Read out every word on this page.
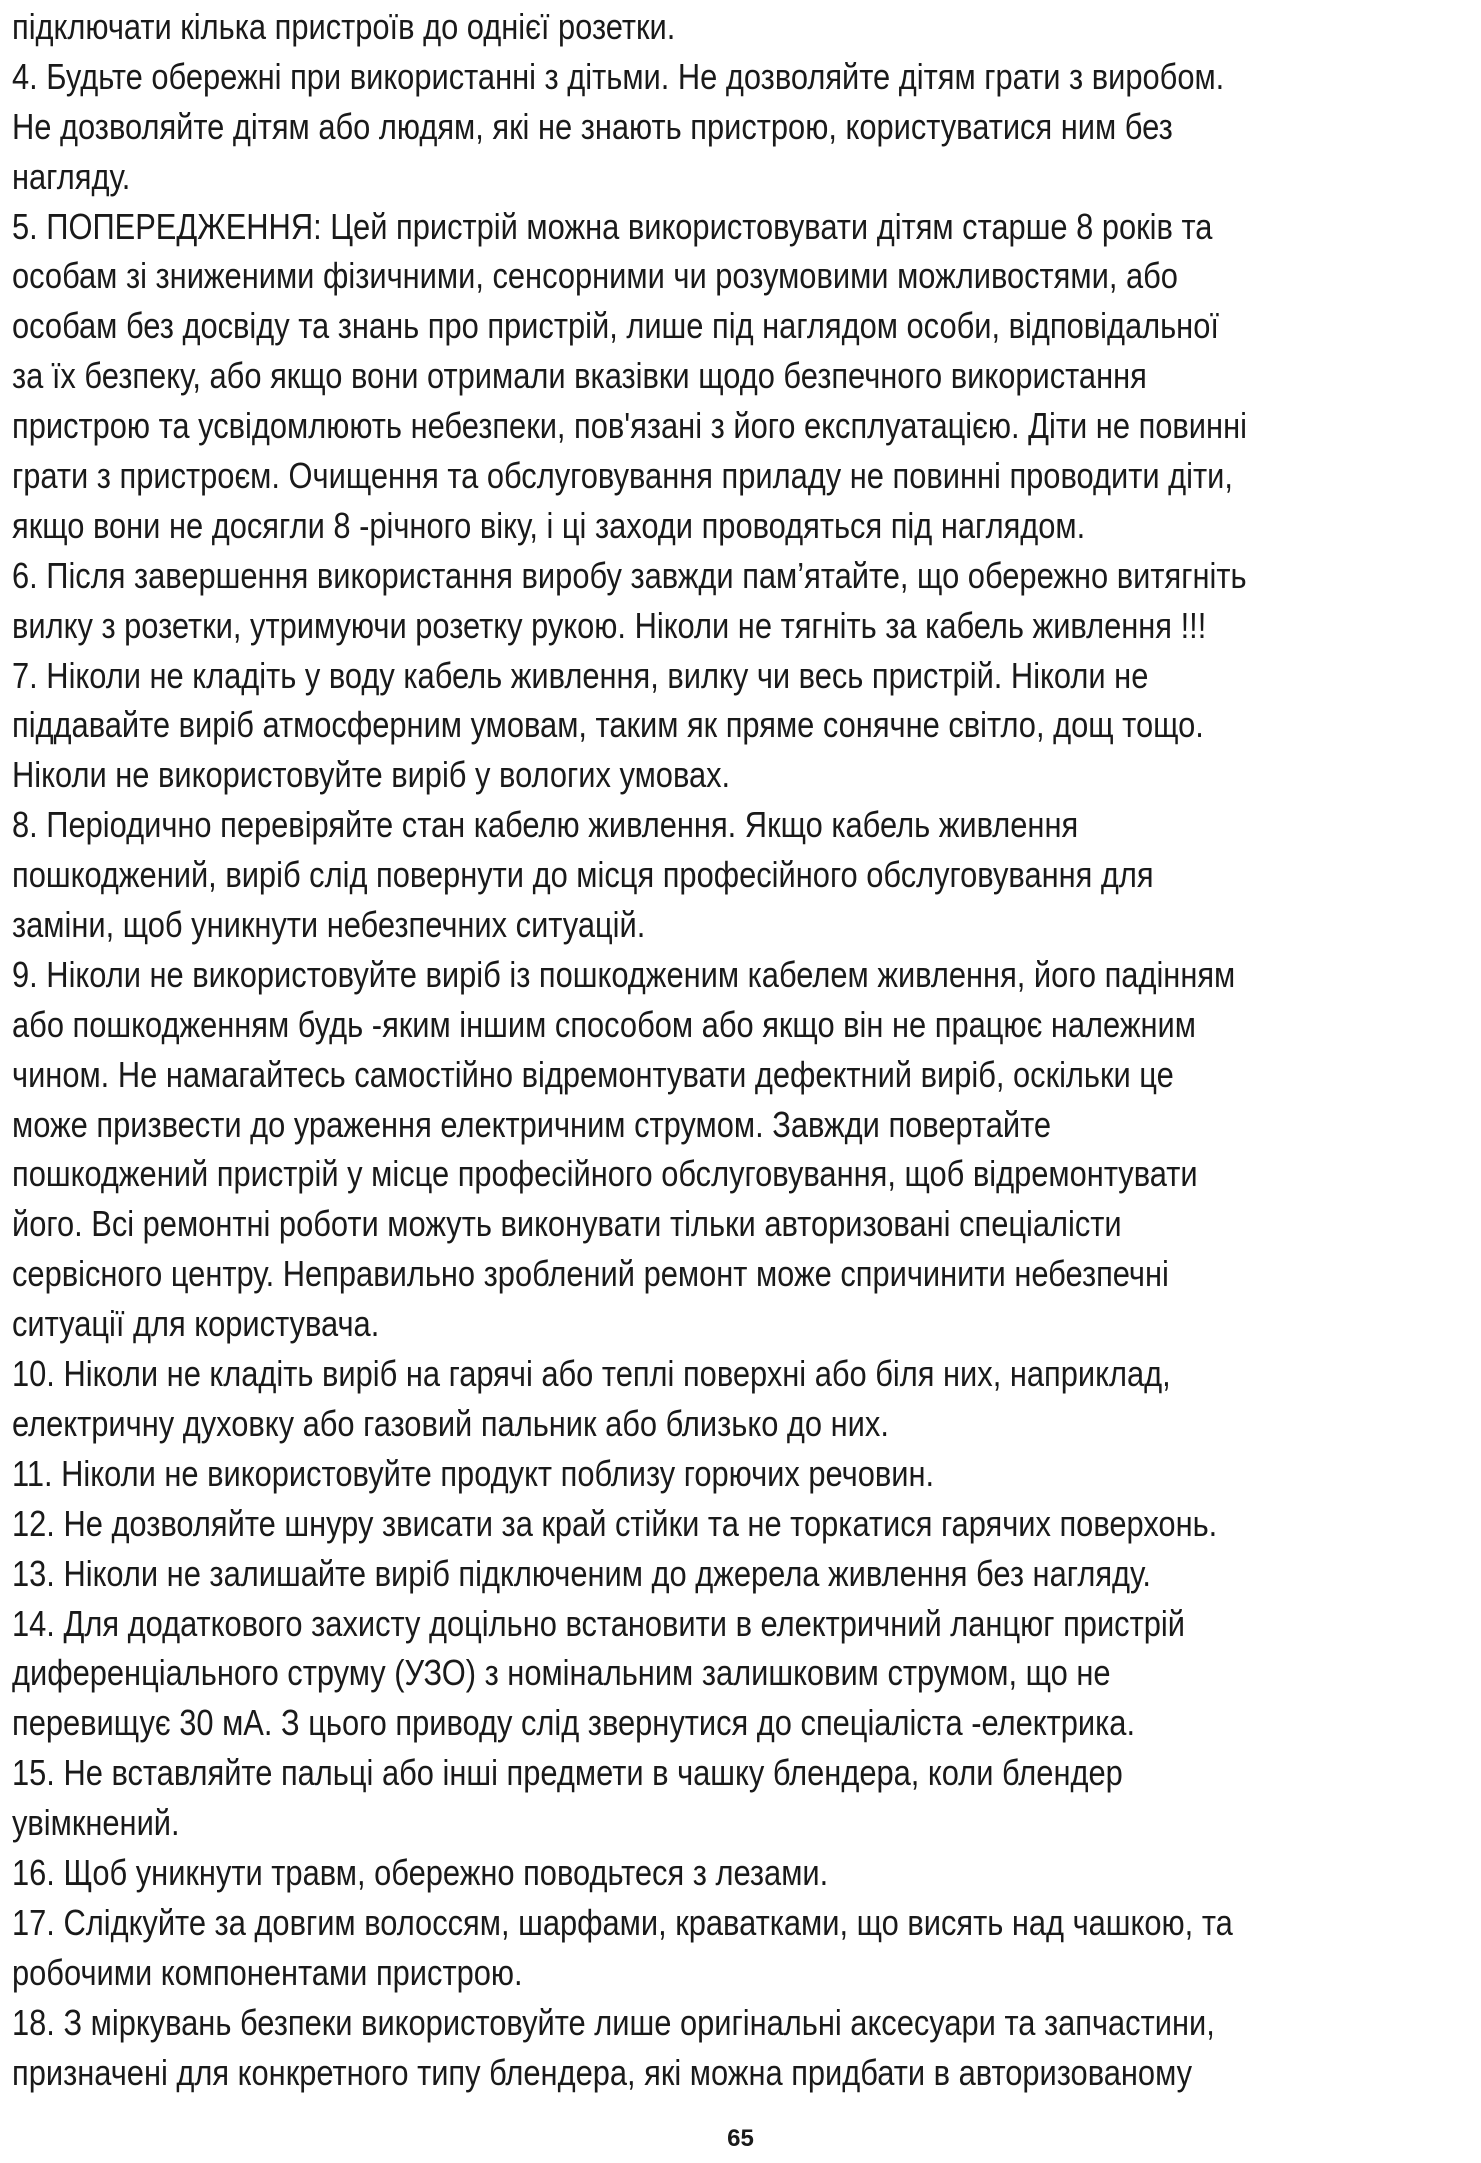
підключати кілька пристроїв до однієї розетки.
4. Будьте обережні при використанні з дітьми. Не дозволяйте дітям грати з виробом.
Не дозволяйте дітям або людям, які не знають пристрою, користуватися ним без
нагляду.
5. ПОПЕРЕДЖЕННЯ: Цей пристрій можна використовувати дітям старше 8 років та
особам зі зниженими фізичними, сенсорними чи розумовими можливостями, або
особам без досвіду та знань про пристрій, лише під наглядом особи, відповідальної
за їх безпеку, або якщо вони отримали вказівки щодо безпечного використання
пристрою та усвідомлюють небезпеки, пов'язані з його експлуатацією. Діти не повинні
грати з пристроєм. Очищення та обслуговування приладу не повинні проводити діти,
якщо вони не досягли 8 -річного віку, і ці заходи проводяться під наглядом.
6. Після завершення використання виробу завжди пам’ятайте, що обережно витягніть
вилку з розетки, утримуючи розетку рукою. Ніколи не тягніть за кабель живлення !!!
7. Ніколи не кладіть у воду кабель живлення, вилку чи весь пристрій. Ніколи не
піддавайте виріб атмосферним умовам, таким як пряме сонячне світло, дощ тощо.
Ніколи не використовуйте виріб у вологих умовах.
8. Періодично перевіряйте стан кабелю живлення. Якщо кабель живлення
пошкоджений, виріб слід повернути до місця професійного обслуговування для
заміни, щоб уникнути небезпечних ситуацій.
9. Ніколи не використовуйте виріб із пошкодженим кабелем живлення, його падінням
або пошкодженням будь -яким іншим способом або якщо він не працює належним
чином. Не намагайтесь самостійно відремонтувати дефектний виріб, оскільки це
може призвести до ураження електричним струмом. Завжди повертайте
пошкоджений пристрій у місце професійного обслуговування, щоб відремонтувати
його. Всі ремонтні роботи можуть виконувати тільки авторизовані спеціалісти
сервісного центру. Неправильно зроблений ремонт може спричинити небезпечні
ситуації для користувача.
10. Ніколи не кладіть виріб на гарячі або теплі поверхні або біля них, наприклад,
електричну духовку або газовий пальник або близько до них.
11. Ніколи не використовуйте продукт поблизу горючих речовин.
12. Не дозволяйте шнуру звисати за край стійки та не торкатися гарячих поверхонь.
13. Ніколи не залишайте виріб підключеним до джерела живлення без нагляду.
14. Для додаткового захисту доцільно встановити в електричний ланцюг пристрій
диференціального струму (УЗО) з номінальним залишковим струмом, що не
перевищує 30 мА. З цього приводу слід звернутися до спеціаліста -електрика.
15. Не вставляйте пальці або інші предмети в чашку блендера, коли блендер
увімкнений.
16. Щоб уникнути травм, обережно поводьтеся з лезами.
17. Слідкуйте за довгим волоссям, шарфами, краватками, що висять над чашкою, та
робочими компонентами пристрою.
18. З міркувань безпеки використовуйте лише оригінальні аксесуари та запчастини,
призначені для конкретного типу блендера, які можна придбати в авторизованому
65
